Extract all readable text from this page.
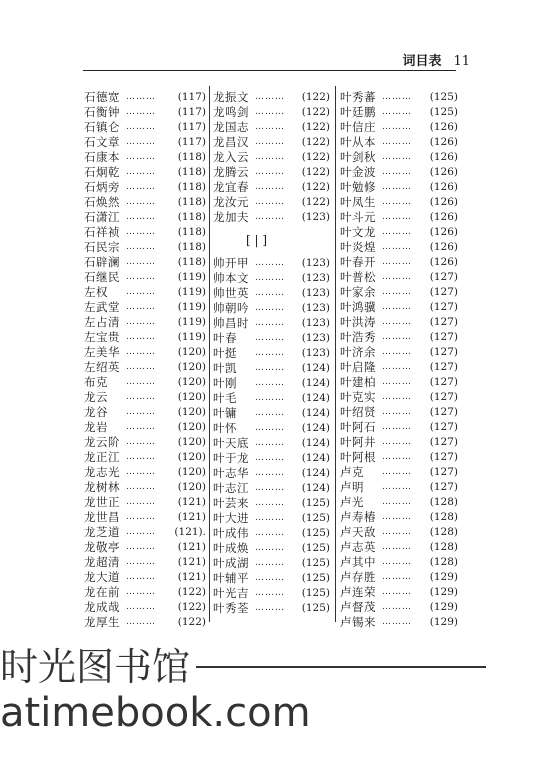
词目表 11
石德宽 ………	(117)
石衡钟 ………	(117)
石镇仑 ………	(117)
石文章 ………	(117)
石康本 ………	(118)
石炯乾 ………	(118)
石炳旁 ………	(118)
石焕然 ………	(118)
石潇江 ………	(118)
石祥祯 ………	(118)
石民宗 ………	(118)
石辟澜 ………	(118)
石继民 ………	(119)
左权	………	(119)
左武堂 ………	(119)
左占清 ………	(119)
左宝贵 ………	(119)
左美华 ………	(120)
左绍英 ………	(120)
布克	………	(120)
龙云	………	(120)
龙谷	………	(120)
龙岩	………	(120)
龙云阶 ………	(120)
龙正江 ………	(120)
龙志光 ………	(120)
龙树林 ………	(120)
龙世正 ………	(121)
龙世昌 ………	(121)
龙芝道 ………	(121).
龙敬亭 ………	(121)
龙超清 ………	(121)
龙大道 ………	(121)
龙在前 ………	(122)
龙成哉 ………	(122)
龙厚生 ………	(122)
龙振文 ………	(122)
龙鸣剑 ………	(122)
龙国志 ………	(122)
龙昌汉 ………	(122)
龙入云 ………	(122)
龙腾云 ………	(122)
龙宜春 ………	(122)
龙汝元 ………	(122)
龙加夫 ………	(123)
[ | ]
帅开甲 ………	(123)
帅本文 ………	(123)
帅世英 ………	(123)
帅朝吟 ………	(123)
帅昌时 ………	(123)
叶春	………	(123)
叶挺	………	(123)
叶凯	………	(124)
叶刚	………	(124)
叶毛	………	(124)
叶镛	………	(124)
叶怀	………	(124)
叶天底 ………	(124)
叶于龙 ………	(124)
叶志华 ………	(124)
叶志江 ………	(124)
叶芸来 ………	(125)
叶大进 ………	(125)
叶成伟 ………	(125)
叶成焕 ………	(125)
叶成湖 ………	(125)
叶辅平 ………	(125)
叶光吉 ………	(125)
叶秀荃 ………	(125)
叶秀蕃 ………	(125)
叶廷鹏 ………	(125)
叶信庄 ………	(126)
叶从本 ………	(126)
叶剑秋 ………	(126)
叶金波 ………	(126)
叶勉修 ………	(126)
叶凤生 ………	(126)
叶斗元 ………	(126)
叶文龙 ………	(126)
叶炎煌 ………	(126)
叶春开 ………	(126)
叶普松 ………	(127)
叶家余 ………	(127)
叶鸿骥 ………	(127)
叶洪涛 ………	(127)
叶浩秀 ………	(127)
叶济余 ………	(127)
叶启隆 ………	(127)
叶建柏 ………	(127)
叶克实 ………	(127)
叶绍贤 ………	(127)
叶阿石 ………	(127)
叶阿井 ………	(127)
叶阿根 ………	(127)
卢克	………	(127)
卢明	………	(127)
卢光	………	(128)
卢寿椿 ………	(128)
卢天敌 ………	(128)
卢志英 ………	(128)
卢其中 ………	(128)
卢存胜 ………	(129)
卢连荣 ………	(129)
卢督茂 ………	(129)
卢锡来 ………	(129)
时光图书馆
atimebook.com
